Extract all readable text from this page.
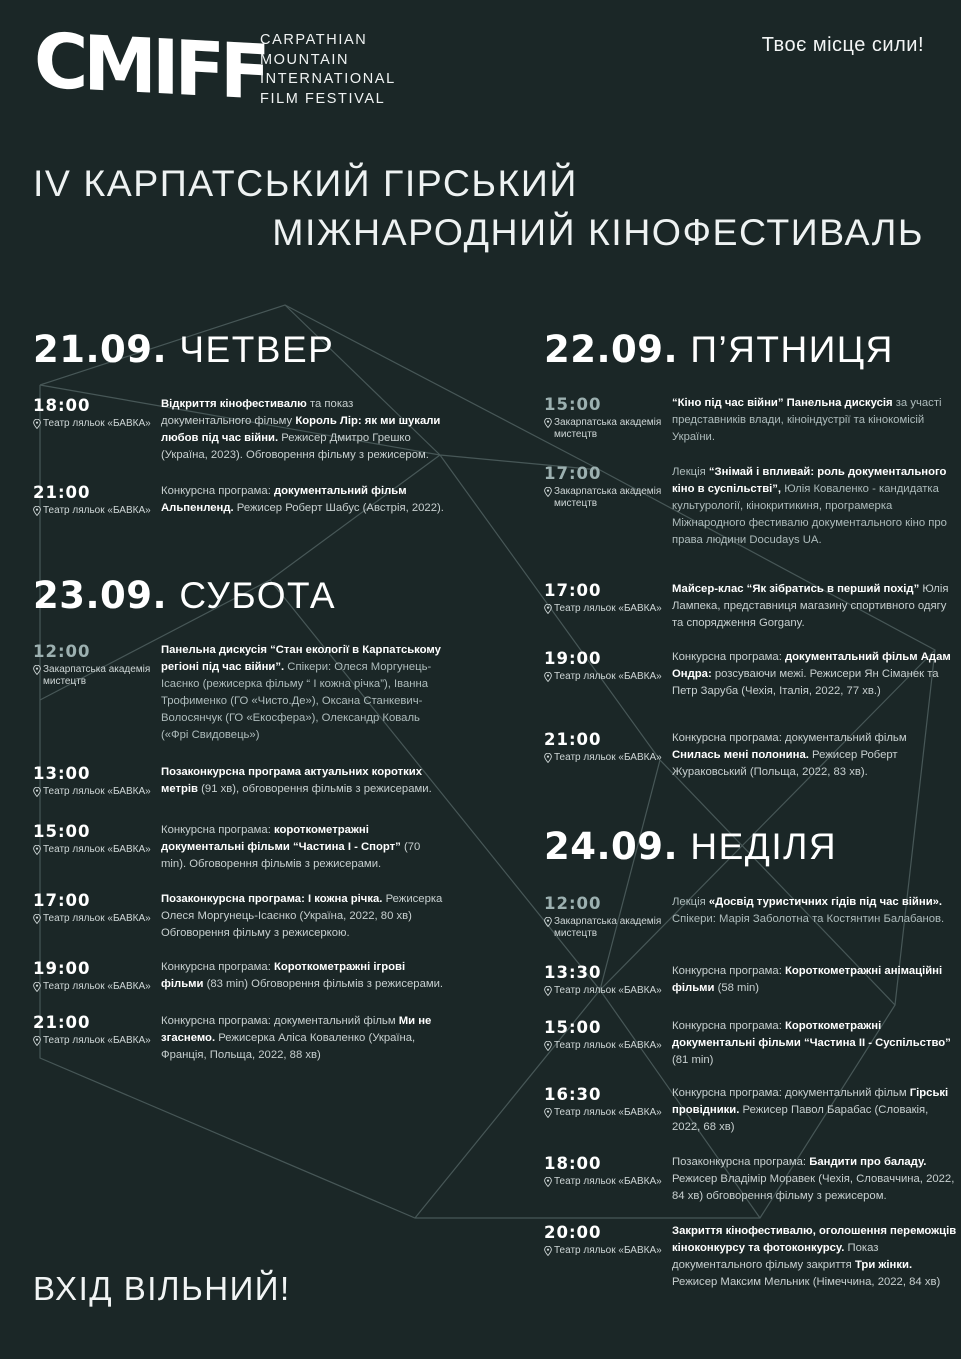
CMIFF
CARPATHIAN
MOUNTAIN
INTERNATIONAL
FILM FESTIVAL
Твоє місце сили!
IV КАРПАТСЬКИЙ ГІРСЬКИЙ
МІЖНАРОДНИЙ КІНОФЕСТИВАЛЬ
21.09. ЧЕТВЕР
18:00
Театр ляльок «БАВКА»
Відкриття кінофестивалю та показ документального фільму Король Лір: як ми шукали любов під час війни. Режисер Дмитро Грешко (Україна, 2023). Обговорення фільму з режисером.
21:00
Театр ляльок «БАВКА»
Конкурсна програма: документальний фільм Альпенленд. Режисер Роберт Шабус (Австрія, 2022).
23.09. СУБОТА
12:00
Закарпатська академія мистецтв
Панельна дискусія “Стан екології в Карпатському регіоні під час війни”. Спікери: Олеся Моргунець-Ісаєнко (режисерка фільму “ І кожна річка”), Іванна Трофименко (ГО «Чисто.Де»), Оксана Станкевич-Волосянчук (ГО «Екосфера»), Олександр Коваль («Фрі Свидовець»)
13:00
Театр ляльок «БАВКА»
Позаконкурсна програма актуальних коротких метрів (91 хв), обговорення фільмів з режисерами.
15:00
Театр ляльок «БАВКА»
Конкурсна програма: короткометражні документальні фільми “Частина І - Спорт” (70 min). Обговорення фільмів з режисерами.
17:00
Театр ляльок «БАВКА»
Позаконкурсна програма: І кожна річка. Режисерка Олеся Моргунець-Ісаєнко (Україна, 2022, 80 хв) Обговорення фільму з режисеркою.
19:00
Театр ляльок «БАВКА»
Конкурсна програма: Короткометражні ігрові фільми (83 min) Обговорення фільмів з режисерами.
21:00
Театр ляльок «БАВКА»
Конкурсна програма: документальний фільм Ми не згаснемо. Режисерка Аліса Коваленко (Україна, Франція, Польща, 2022, 88 хв)
22.09. П’ЯТНИЦЯ
15:00
Закарпатська академія мистецтв
“Кіно під час війни” Панельна дискусія за участі представників влади, кіноіндустрії та кінокомісій України.
17:00
Закарпатська академія мистецтв
Лекція “Знімай і впливай: роль документального кіно в суспільстві”, Юлія Коваленко - кандидатка культурології, кінокритикиня, програмерка Міжнародного фестивалю документального кіно про права людини Docudays UA.
17:00
Театр ляльок «БАВКА»
Майсер-клас “Як зібратись в перший похід” Юлія Лампека, представниця магазину спортивного одягу та спорядження Gorgany.
19:00
Театр ляльок «БАВКА»
Конкурсна програма: документальний фільм Адам Ондра: розсуваючи межі. Режисери Ян Сіманек та Петр Заруба (Чехія, Італія, 2022, 77 хв.)
21:00
Театр ляльок «БАВКА»
Конкурсна програма: документальний фільм Снилась мені полонина. Режисер Роберт Жураковський (Польща, 2022, 83 хв).
24.09. НЕДІЛЯ
12:00
Закарпатська академія мистецтв
Лекція «Досвід туристичних гідів під час війни». Спікери: Марія Заболотна та Костянтин Балабанов.
13:30
Театр ляльок «БАВКА»
Конкурсна програма: Короткометражні анімаційні фільми (58 min)
15:00
Театр ляльок «БАВКА»
Конкурсна програма: Короткометражні документальні фільми “Частина ІІ - Суспільство” (81 min)
16:30
Театр ляльок «БАВКА»
Конкурсна програма: документальний фільм Гірські провідники. Режисер Павол Барабас (Словакія, 2022, 68 хв)
18:00
Театр ляльок «БАВКА»
Позаконкурсна програма: Бандити про баладу. Режисер Владімір Моравек (Чехія, Словаччина, 2022, 84 хв) обговорення фільму з режисером.
20:00
Театр ляльок «БАВКА»
Закриття кінофестивалю, оголошення переможців кіноконкурсу та фотоконкурсу. Показ документального фільму закриття Три жінки. Режисер Максим Мельник (Німеччина, 2022, 84 хв)
ВХІД ВІЛЬНИЙ!
